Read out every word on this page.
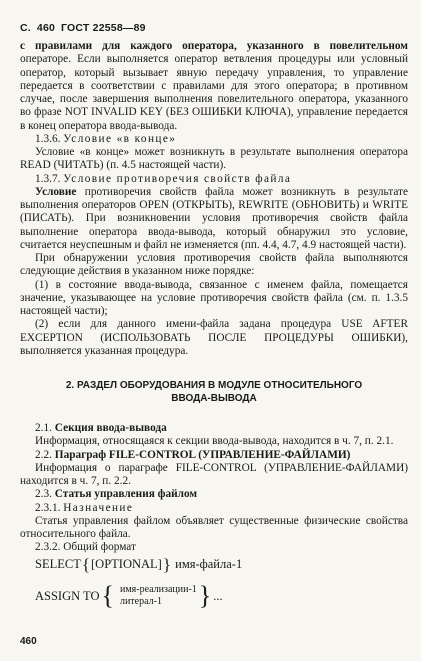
С. 460 ГОСТ 22558—89

с правилами для каждого оператора, указанного в повелительном операторе. Если выполняется оператор ветвления процедуры или условный оператор, который вызывает явную передачу управления, то управление передается в соответствии с правилами для этого оператора; в противном случае, после завершения выполнения повелительного оператора, указанного во фразе NOT INVALID KEY (БЕЗ ОШИБКИ КЛЮЧА), управление передается в конец оператора ввода-вывода.

1.3.6. Условие «в конце»

Условие «в конце» может возникнуть в результате выполнения оператора READ (ЧИТАТЬ) (п. 4.5 настоящей части).

1.3.7. Условие противоречия свойств файла

Условие противоречия свойств файла может возникнуть в результате выполнения операторов OPEN (ОТКРЫТЬ), REWRITE (ОБНОВИТЬ) и WRITE (ПИСАТЬ). При возникновении условия противоречия свойств файла выполнение оператора ввода-вывода, который обнаружил это условие, считается неуспешным и файл не изменяется (пп. 4.4, 4.7, 4.9 настоящей части).

При обнаружении условия противоречия свойств файла выполняются следующие действия в указанном ниже порядке:

(1) в состояние ввода-вывода, связанное с именем файла, помещается значение, указывающее на условие противоречия свойств файла (см. п. 1.3.5 настоящей части);

(2) если для данного имени-файла задана процедура USE AFTER EXCEPTION (ИСПОЛЬЗОВАТЬ ПОСЛЕ ПРОЦЕДУРЫ ОШИБКИ), выполняется указанная процедура.

2. РАЗДЕЛ ОБОРУДОВАНИЯ В МОДУЛЕ ОТНОСИТЕЛЬНОГО
ВВОДА-ВЫВОДА

2.1. Секция ввода-вывода

Информация, относящаяся к секции ввода-вывода, находится в ч. 7, п. 2.1.

2.2. Параграф FILE-CONTROL (УПРАВЛЕНИЕ-ФАЙЛАМИ)

Информация о параграфе FILE-CONTROL (УПРАВЛЕНИЕ-ФАЙЛАМИ) находится в ч. 7, п. 2.2.

2.3. Статья управления файлом

2.3.1. Назначение

Статья управления файлом объявляет существенные физические свойства относительного файла.

2.3.2. Общий формат

SELECT{[OPTIONAL]} имя-файла-1
ASSIGN TO { имя-реализации-1
литерал-1	} ...
460
